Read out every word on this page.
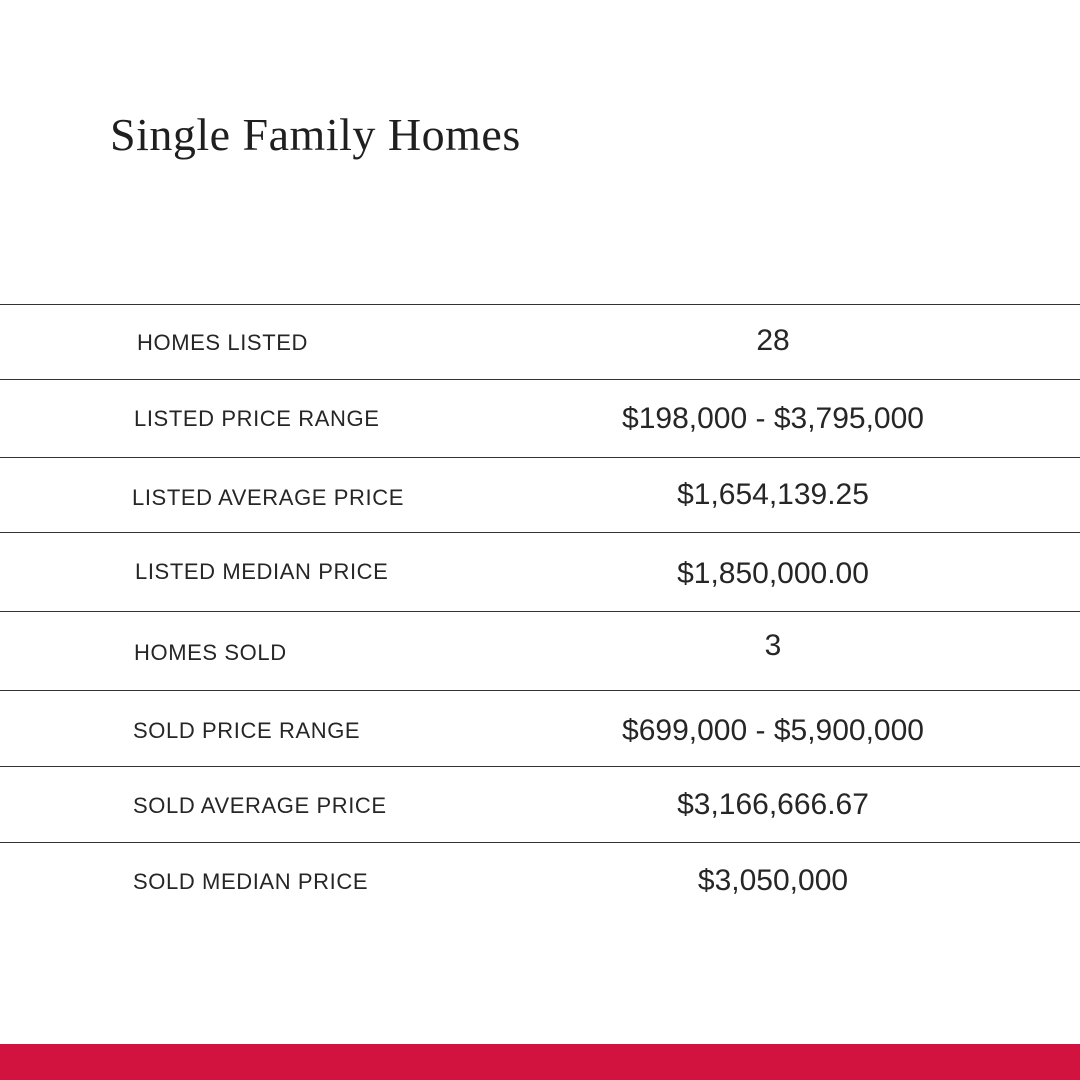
Single Family Homes
HOMES LISTED	28
LISTED PRICE RANGE	$198,000 - $3,795,000
LISTED AVERAGE PRICE	$1,654,139.25
LISTED MEDIAN PRICE	$1,850,000.00
HOMES SOLD	3
SOLD PRICE RANGE	$699,000 - $5,900,000
SOLD AVERAGE PRICE	$3,166,666.67
SOLD MEDIAN PRICE	$3,050,000
